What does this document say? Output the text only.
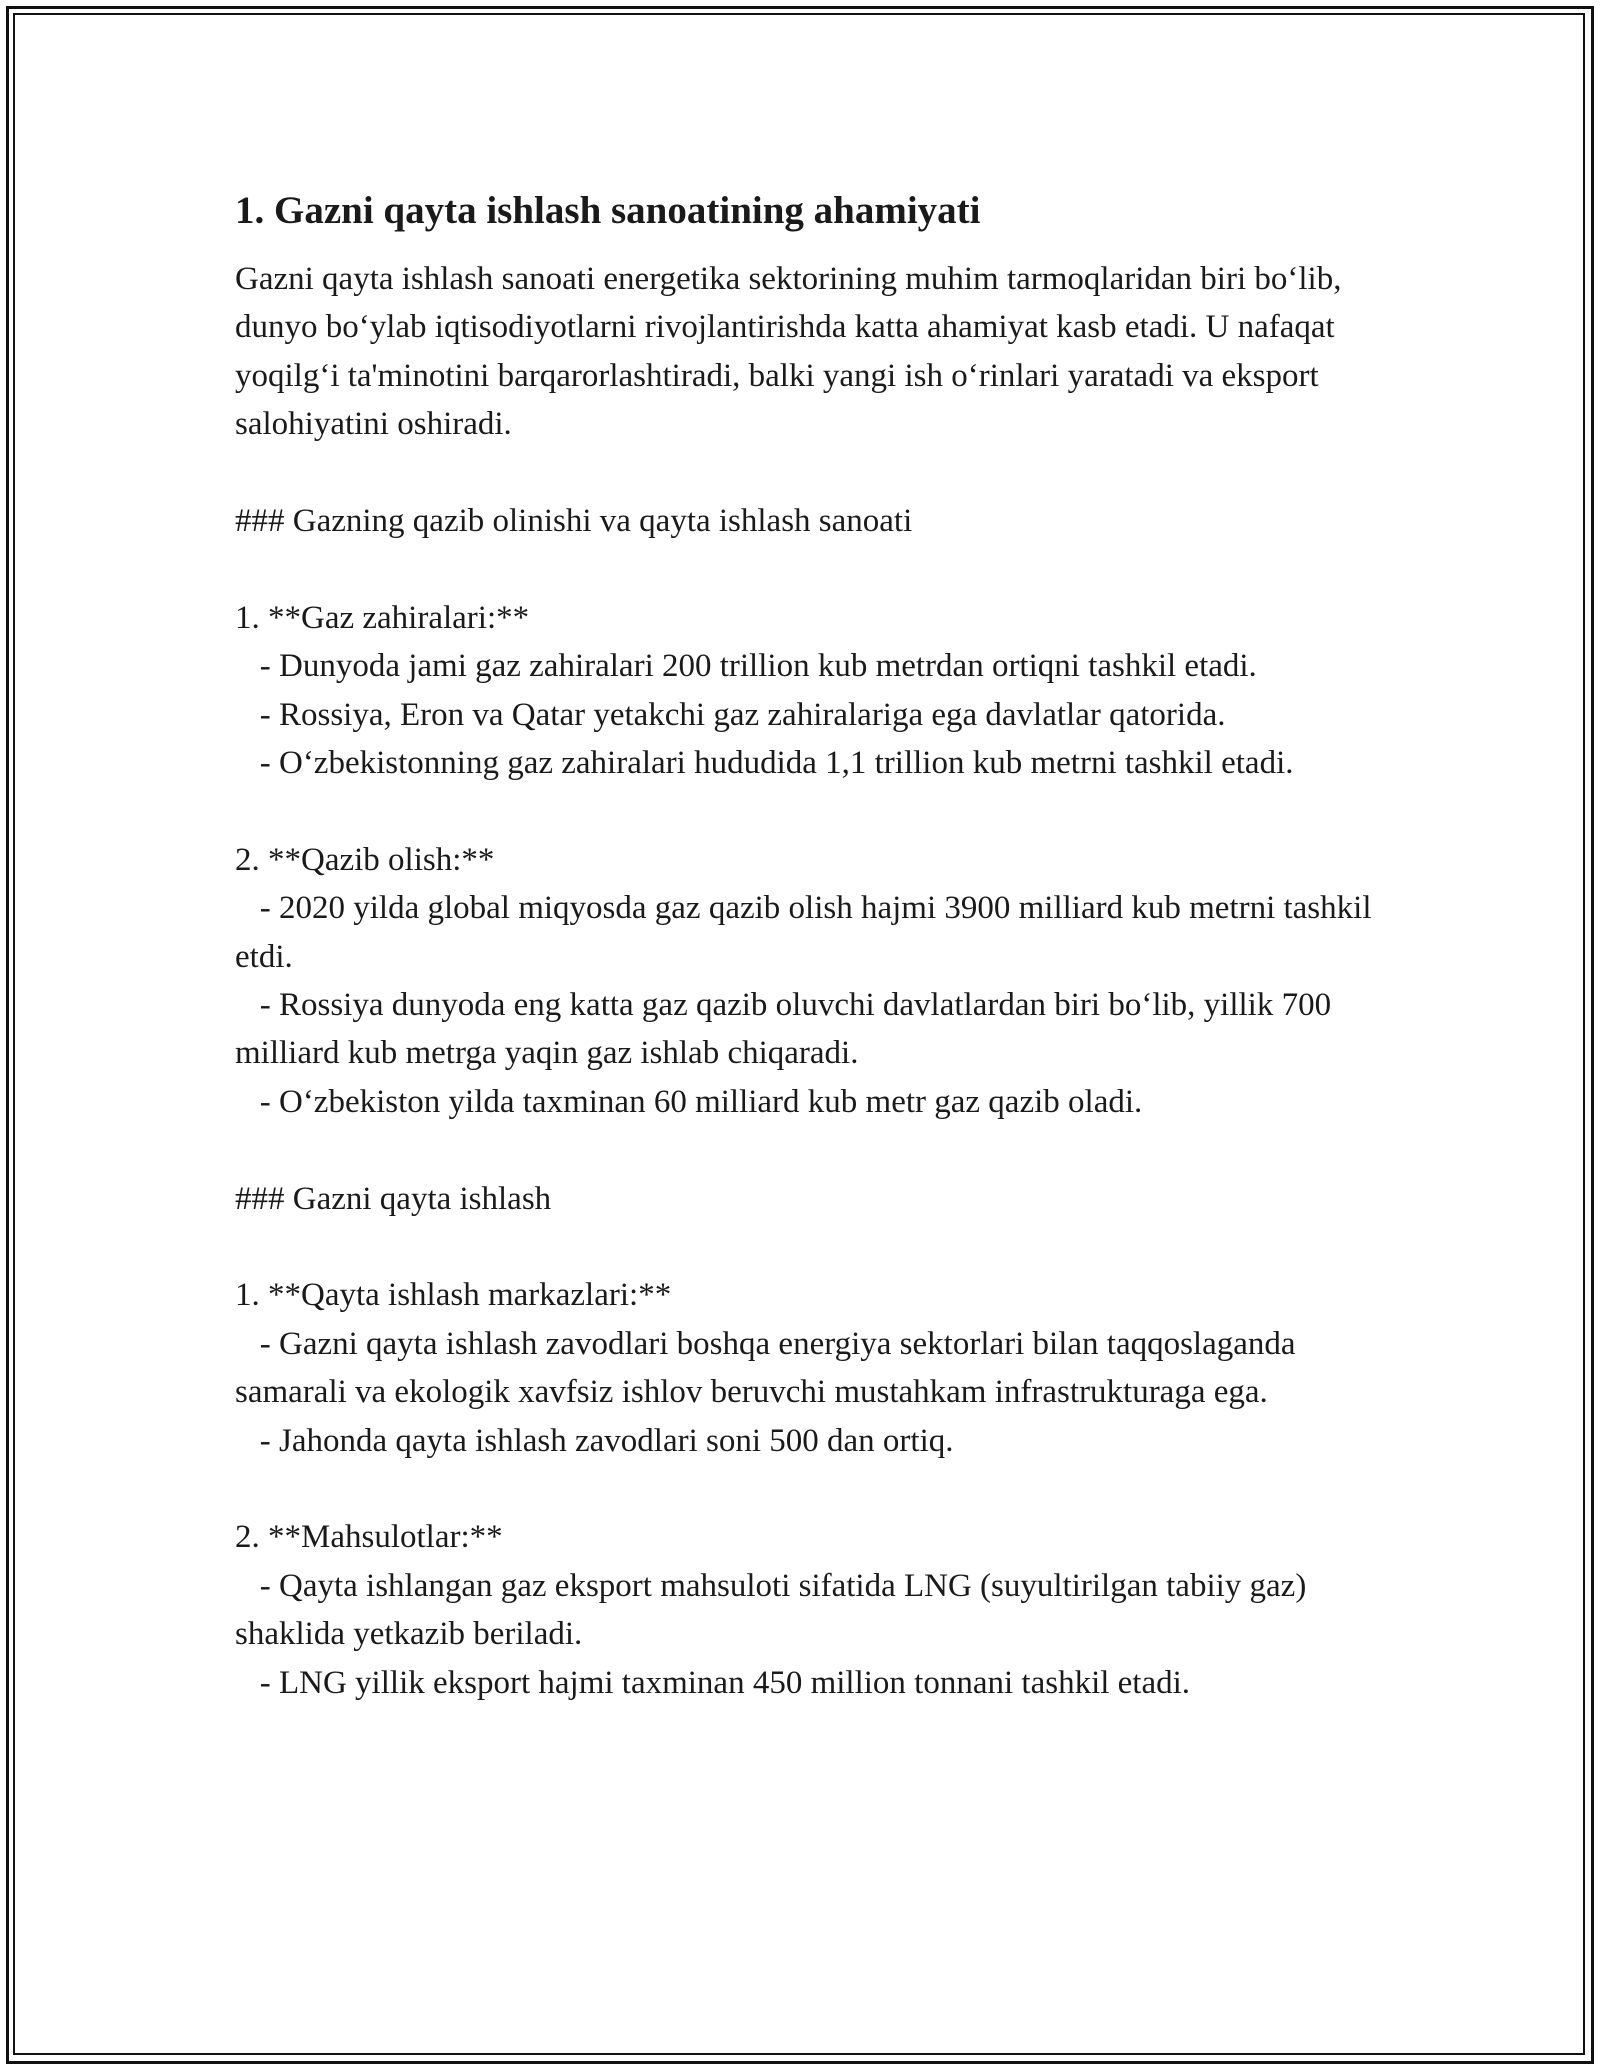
1. Gazni qayta ishlash sanoatining ahamiyati

Gazni qayta ishlash sanoati energetika sektorining muhim tarmoqlaridan biri bo‘lib, dunyo bo‘ylab iqtisodiyotlarni rivojlantirishda katta ahamiyat kasb etadi. U nafaqat yoqilg‘i ta'minotini barqarorlashtiradi, balki yangi ish o‘rinlari yaratadi va eksport salohiyatini oshiradi.

### Gazning qazib olinishi va qayta ishlash sanoati

1. **Gaz zahiralari:**

- Dunyoda jami gaz zahiralari 200 trillion kub metrdan ortiqni tashkil etadi.

- Rossiya, Eron va Qatar yetakchi gaz zahiralariga ega davlatlar qatorida.

- O‘zbekistonning gaz zahiralari hududida 1,1 trillion kub metrni tashkil etadi.

2. **Qazib olish:**

- 2020 yilda global miqyosda gaz qazib olish hajmi 3900 milliard kub metrni tashkil etdi.

- Rossiya dunyoda eng katta gaz qazib oluvchi davlatlardan biri bo‘lib, yillik 700 milliard kub metrga yaqin gaz ishlab chiqaradi.

- O‘zbekiston yilda taxminan 60 milliard kub metr gaz qazib oladi.

### Gazni qayta ishlash

1. **Qayta ishlash markazlari:**

- Gazni qayta ishlash zavodlari boshqa energiya sektorlari bilan taqqoslaganda samarali va ekologik xavfsiz ishlov beruvchi mustahkam infrastrukturaga ega.

- Jahonda qayta ishlash zavodlari soni 500 dan ortiq.

2. **Mahsulotlar:**

- Qayta ishlangan gaz eksport mahsuloti sifatida LNG (suyultirilgan tabiiy gaz) shaklida yetkazib beriladi.

- LNG yillik eksport hajmi taxminan 450 million tonnani tashkil etadi.
